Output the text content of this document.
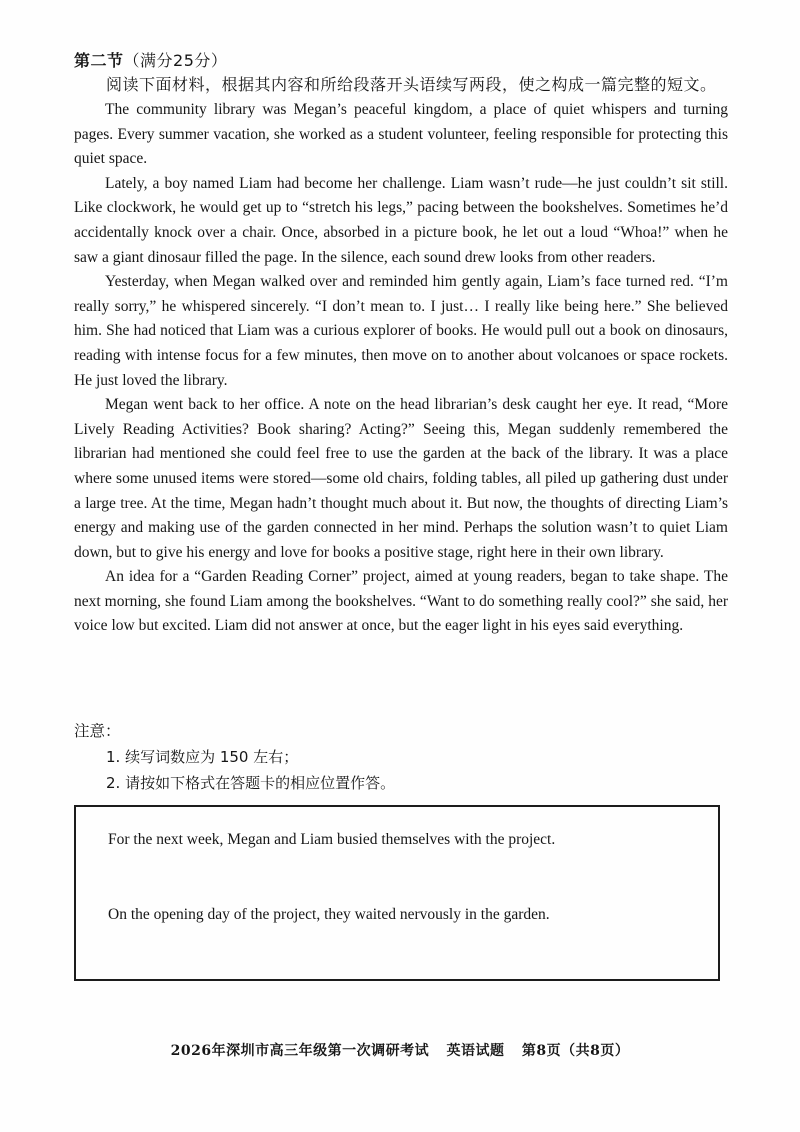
第二节（满分25分）
阅读下面材料，根据其内容和所给段落开头语续写两段，使之构成一篇完整的短文。

The community library was Megan’s peaceful kingdom, a place of quiet whispers and turning pages. Every summer vacation, she worked as a student volunteer, feeling responsible for protecting this quiet space.

Lately, a boy named Liam had become her challenge. Liam wasn’t rude—he just couldn’t sit still. Like clockwork, he would get up to “stretch his legs,” pacing between the bookshelves. Sometimes he’d accidentally knock over a chair. Once, absorbed in a picture book, he let out a loud “Whoa!” when he saw a giant dinosaur filled the page. In the silence, each sound drew looks from other readers.

Yesterday, when Megan walked over and reminded him gently again, Liam’s face turned red. “I’m really sorry,” he whispered sincerely. “I don’t mean to. I just… I really like being here.” She believed him. She had noticed that Liam was a curious explorer of books. He would pull out a book on dinosaurs, reading with intense focus for a few minutes, then move on to another about volcanoes or space rockets. He just loved the library.

Megan went back to her office. A note on the head librarian’s desk caught her eye. It read, “More Lively Reading Activities? Book sharing? Acting?” Seeing this, Megan suddenly remembered the librarian had mentioned she could feel free to use the garden at the back of the library. It was a place where some unused items were stored—some old chairs, folding tables, all piled up gathering dust under a large tree. At the time, Megan hadn’t thought much about it. But now, the thoughts of directing Liam’s energy and making use of the garden connected in her mind. Perhaps the solution wasn’t to quiet Liam down, but to give his energy and love for books a positive stage, right here in their own library.

An idea for a “Garden Reading Corner” project, aimed at young readers, began to take shape. The next morning, she found Liam among the bookshelves. “Want to do something really cool?” she said, her voice low but excited. Liam did not answer at once, but the eager light in his eyes said everything.

注意：
1. 续写词数应为 150 左右；
2. 请按如下格式在答题卡的相应位置作答。

For the next week, Megan and Liam busied themselves with the project.

On the opening day of the project, they waited nervously in the garden.

2026年深圳市高三年级第一次调研考试 英语试题 第8页（共8页）
